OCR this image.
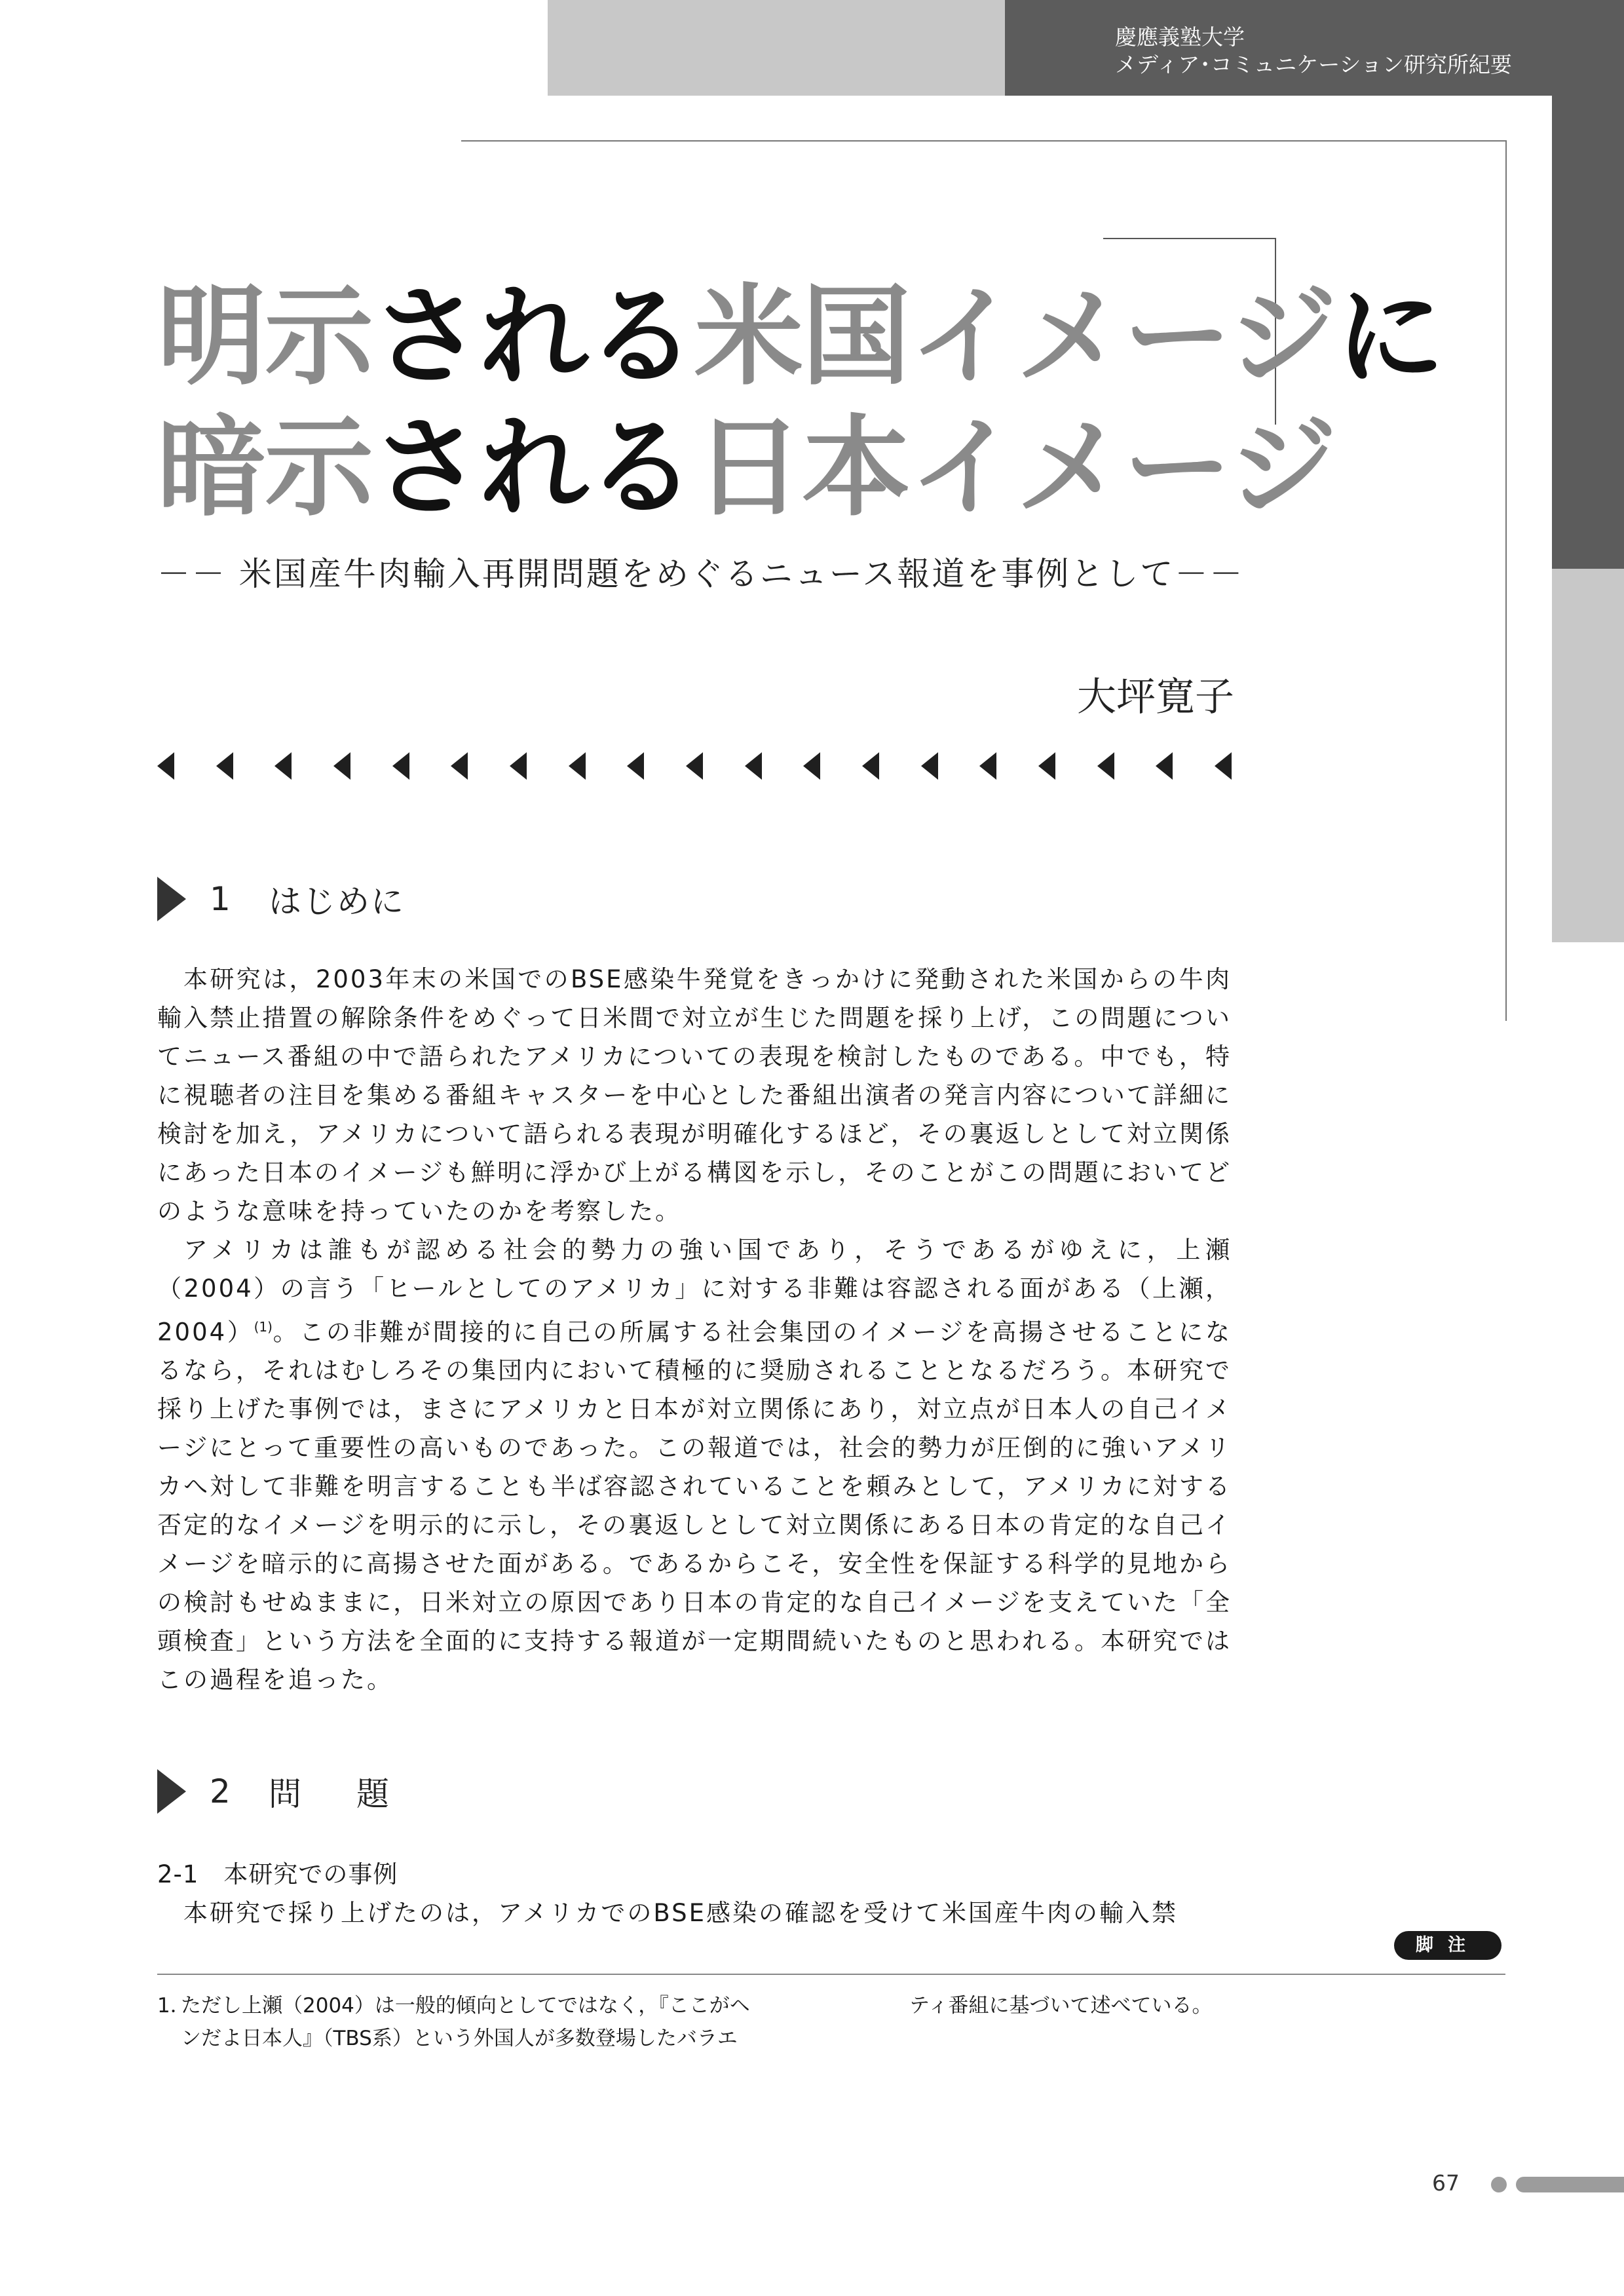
慶應義塾大学
メディア･コミュニケーション研究所紀要
明示される米国イメージに
暗示される日本イメージ
－－ 米国産牛肉輸入再開問題をめぐるニュース報道を事例として－－
大坪寛子
1 はじめに

本研究は，2003年末の米国でのBSE感染牛発覚をきっかけに発動された米国からの牛肉輸入禁止措置の解除条件をめぐって日米間で対立が生じた問題を採り上げ，この問題についてニュース番組の中で語られたアメリカについての表現を検討したものである。中でも，特に視聴者の注目を集める番組キャスターを中心とした番組出演者の発言内容について詳細に検討を加え，アメリカについて語られる表現が明確化するほど，その裏返しとして対立関係にあった日本のイメージも鮮明に浮かび上がる構図を示し，そのことがこの問題においてどのような意味を持っていたのかを考察した。

アメリカは誰もが認める社会的勢力の強い国であり，そうであるがゆえに，上瀬（2004）の言う「ヒールとしてのアメリカ」に対する非難は容認される面がある（上瀬，2004）$^{(1)}$。この非難が間接的に自己の所属する社会集団のイメージを高揚させることになるなら，それはむしろその集団内において積極的に奨励されることとなるだろう。本研究で採り上げた事例では，まさにアメリカと日本が対立関係にあり，対立点が日本人の自己イメージにとって重要性の高いものであった。この報道では，社会的勢力が圧倒的に強いアメリカへ対して非難を明言することも半ば容認されていることを頼みとして，アメリカに対する否定的なイメージを明示的に示し，その裏返しとして対立関係にある日本の肯定的な自己イメージを暗示的に高揚させた面がある。であるからこそ，安全性を保証する科学的見地からの検討もせぬままに，日米対立の原因であり日本の肯定的な自己イメージを支えていた「全頭検査」という方法を全面的に支持する報道が一定期間続いたものと思われる。本研究ではこの過程を追った。

2 問題
2-1　本研究での事例

本研究で採り上げたのは，アメリカでのBSE感染の確認を受けて米国産牛肉の輸入禁

脚注
1．ただし上瀬（2004）は一般的傾向としてではなく，『ここがヘ
ンだよ日本人』（TBS系）という外国人が多数登場したバラエ
ティ番組に基づいて述べている。
67
